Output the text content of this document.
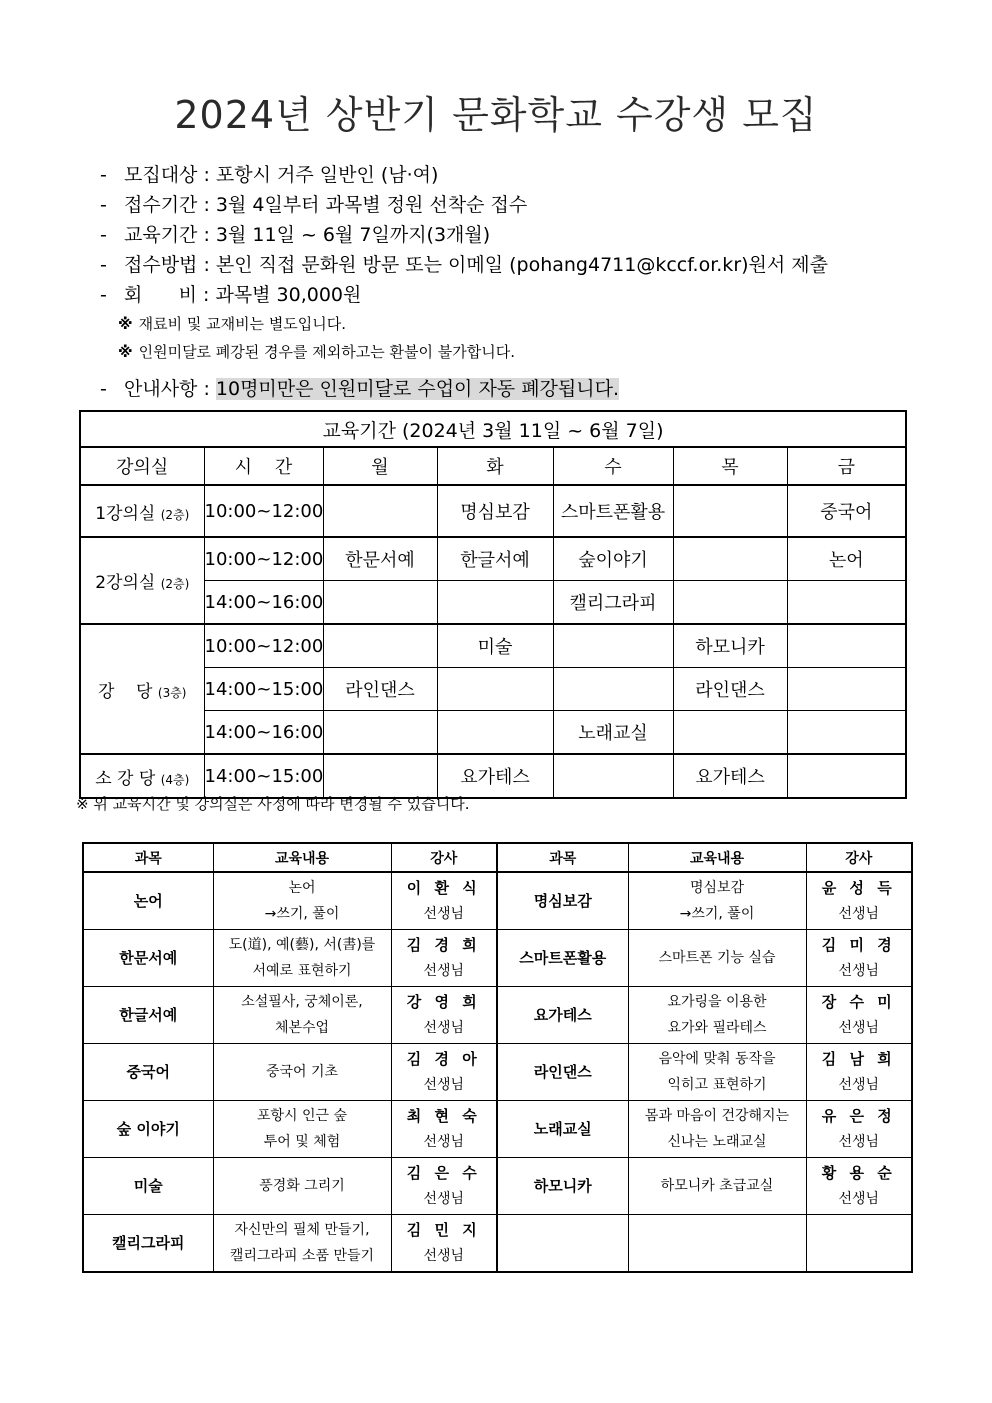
2024년 상반기 문화학교 수강생 모집
- 모집대상 : 포항시 거주 일반인 (남·여)
- 접수기간 : 3월 4일부터 과목별 정원 선착순 접수
- 교육기간 : 3월 11일 ~ 6월 7일까지(3개월)
- 접수방법 : 본인 직접 문화원 방문 또는 이메일 (pohang4711@kccf.or.kr)원서 제출
- 회      비 : 과목별 30,000원
※ 재료비 및 교재비는 별도입니다.
※ 인원미달로 폐강된 경우를 제외하고는 환불이 불가합니다.
- 안내사항 : 10명미만은 인원미달로 수업이 자동 폐강됩니다.
교육기간 (2024년 3월 11일 ~ 6월 7일)						
강의실	시    간	월	화	수	목	금
1강의실 (2층)	10:00~12:00		명심보감	스마트폰활용		중국어
2강의실 (2층)	10:00~12:00	한문서예	한글서예	숲이야기		논어
	14:00~16:00			캘리그라피		
강    당 (3층)	10:00~12:00		미술		하모니카	
	14:00~15:00	라인댄스			라인댄스	
	14:00~16:00			노래교실		
소 강 당 (4층)	14:00~15:00		요가테스		요가테스	
※ 위 교육시간 및 강의실은 사정에 따라 변경될 수 있습니다.
과목	교육내용	강사	과목	교육내용	강사
논어	논어
→쓰기, 풀이	이 환 식
선생님	명심보감	명심보감
→쓰기, 풀이	윤 성 득
선생님

한문서예	도(道), 예(藝), 서(書)를
서예로 표현하기	김 경 희
선생님	스마트폰활용	스마트폰 기능 실습	김 미 경
선생님

한글서예	소설필사, 궁체이론,
체본수업	강 영 희
선생님	요가테스	요가링을 이용한
요가와 필라테스	장 수 미
선생님

중국어	중국어 기초	김 경 아
선생님	라인댄스	음악에 맞춰 동작을
익히고 표현하기	김 남 희
선생님

숲 이야기	포항시 인근 숲
투어 및 체험	최 현 숙
선생님	노래교실	몸과 마음이 건강해지는
신나는 노래교실	유 은 정
선생님

미술	풍경화 그리기	김 은 수
선생님	하모니카	하모니카 초급교실	황 용 순
선생님

캘리그라피	자신만의 필체 만들기,
캘리그라피 소품 만들기	김 민 지
선생님			
